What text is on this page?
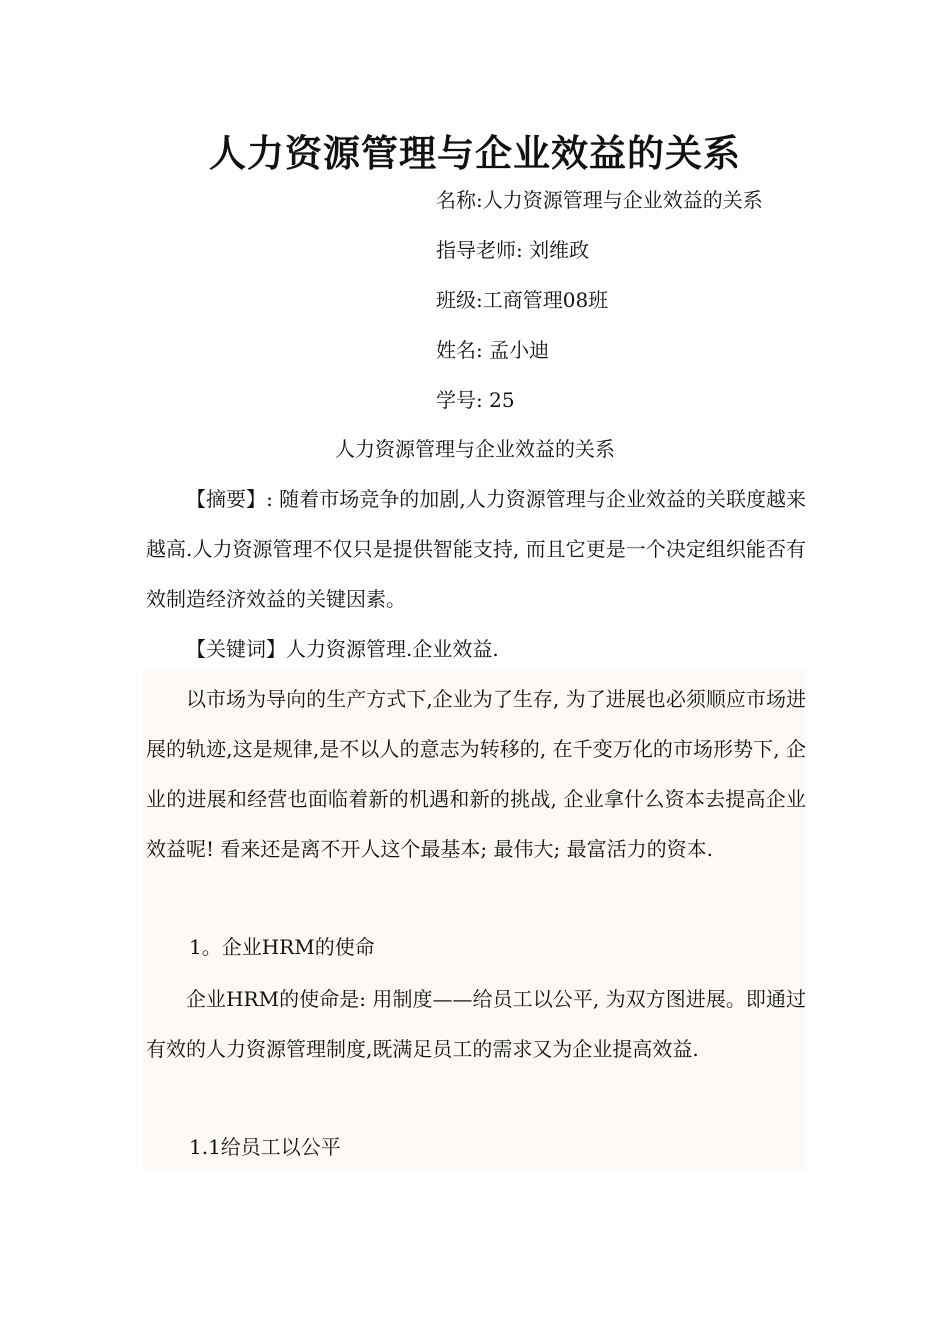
人力资源管理与企业效益的关系
名称:人力资源管理与企业效益的关系
指导老师: 刘维政
班级:工商管理08班
姓名: 孟小迪
学号: 25
人力资源管理与企业效益的关系
【摘要】: 随着市场竞争的加剧,人力资源管理与企业效益的关联度越来越高.人力资源管理不仅只是提供智能支持, 而且它更是一个决定组织能否有效制造经济效益的关键因素。
【关键词】人力资源管理.企业效益.
以市场为导向的生产方式下,企业为了生存, 为了进展也必须顺应市场进展的轨迹,这是规律,是不以人的意志为转移的, 在千变万化的市场形势下, 企业的进展和经营也面临着新的机遇和新的挑战, 企业拿什么资本去提高企业效益呢! 看来还是离不开人这个最基本; 最伟大; 最富活力的资本.
1。企业HRM的使命
企业HRM的使命是: 用制度——给员工以公平, 为双方图进展。即通过有效的人力资源管理制度,既满足员工的需求又为企业提高效益.
1.1给员工以公平
